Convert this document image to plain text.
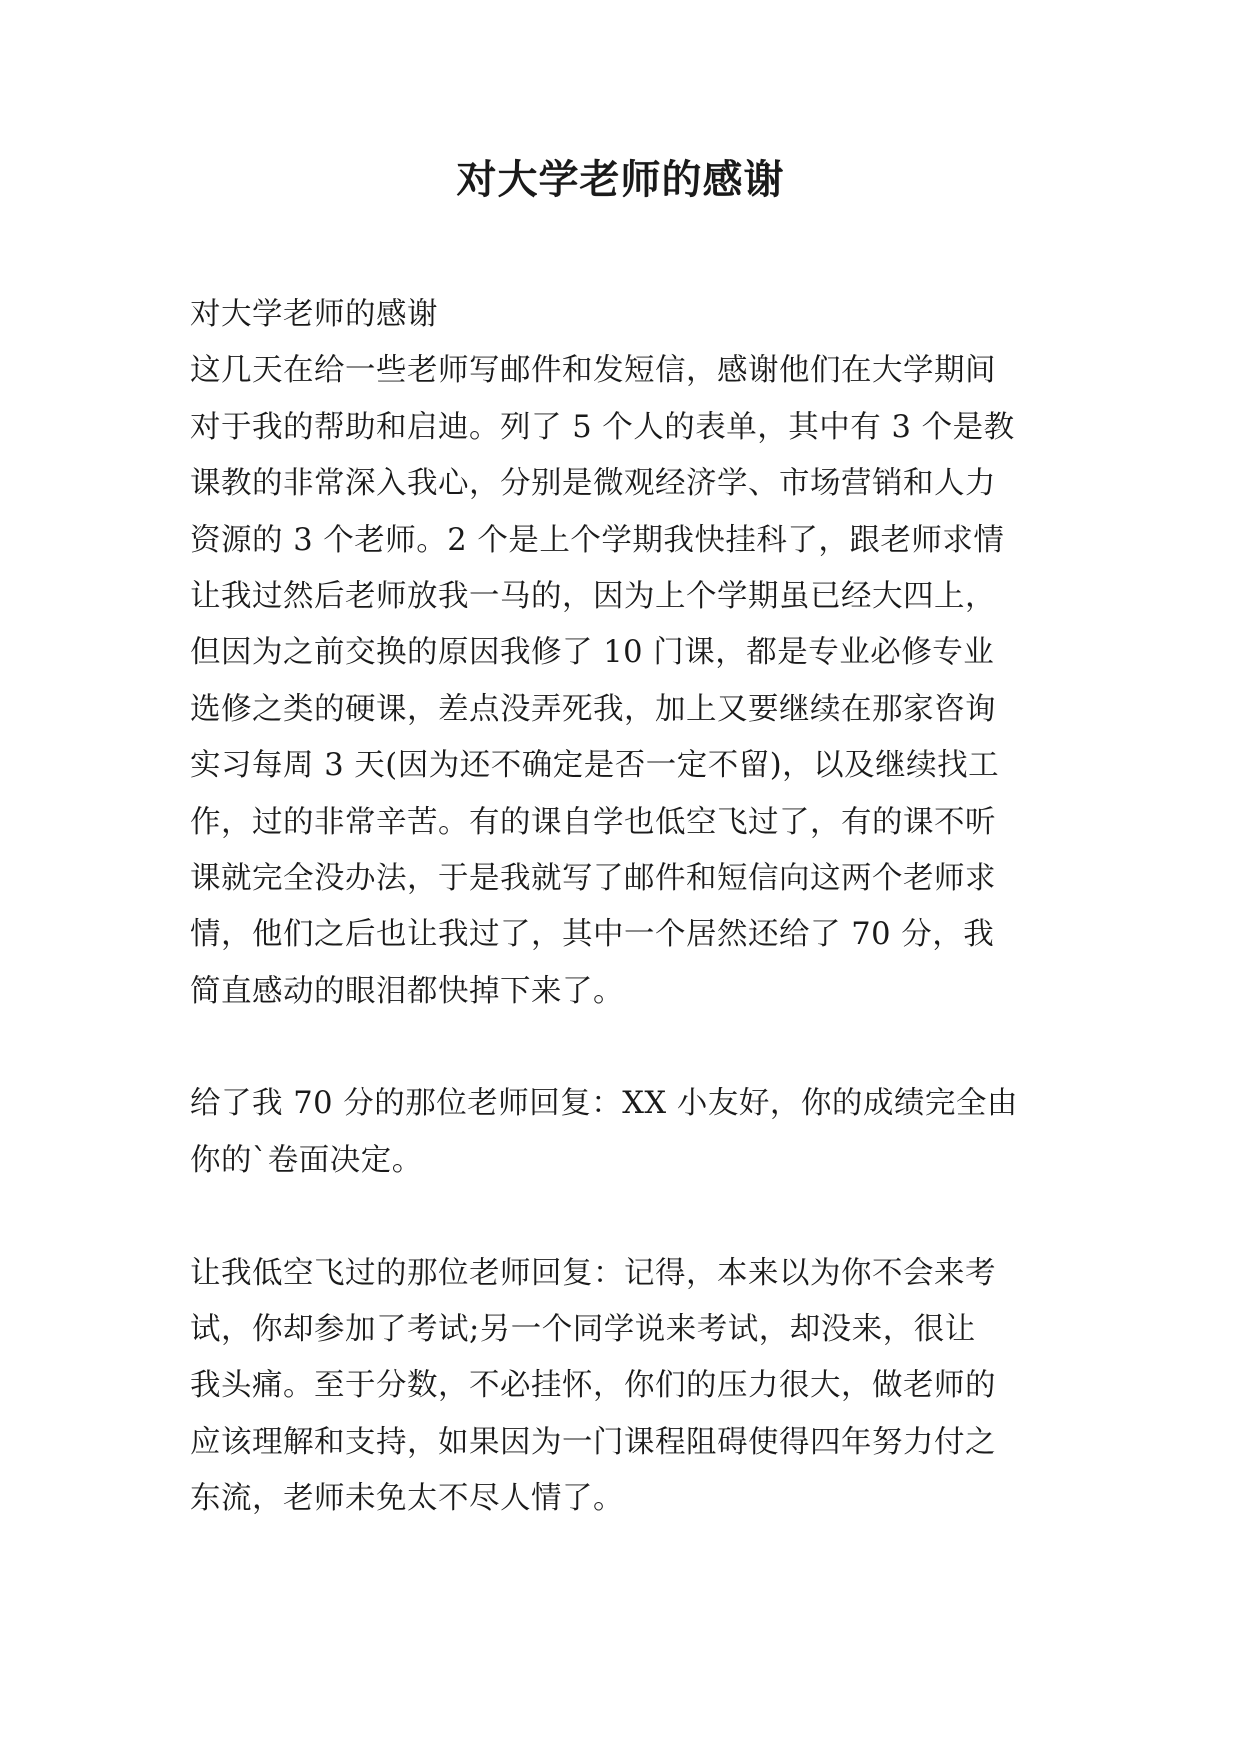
对大学老师的感谢
对大学老师的感谢
这几天在给一些老师写邮件和发短信，感谢他们在大学期间
对于我的帮助和启迪。列了 5 个人的表单，其中有 3 个是教
课教的非常深入我心，分别是微观经济学、市场营销和人力
资源的 3 个老师。2 个是上个学期我快挂科了，跟老师求情
让我过然后老师放我一马的，因为上个学期虽已经大四上，
但因为之前交换的原因我修了 10 门课，都是专业必修专业
选修之类的硬课，差点没弄死我，加上又要继续在那家咨询
实习每周 3 天(因为还不确定是否一定不留)，以及继续找工
作，过的非常辛苦。有的课自学也低空飞过了，有的课不听
课就完全没办法，于是我就写了邮件和短信向这两个老师求
情，他们之后也让我过了，其中一个居然还给了 70 分，我
简直感动的眼泪都快掉下来了。
给了我 70 分的那位老师回复：XX 小友好，你的成绩完全由
你的`卷面决定。
让我低空飞过的那位老师回复：记得，本来以为你不会来考
试，你却参加了考试;另一个同学说来考试，却没来，很让
我头痛。至于分数，不必挂怀，你们的压力很大，做老师的
应该理解和支持，如果因为一门课程阻碍使得四年努力付之
东流，老师未免太不尽人情了。
